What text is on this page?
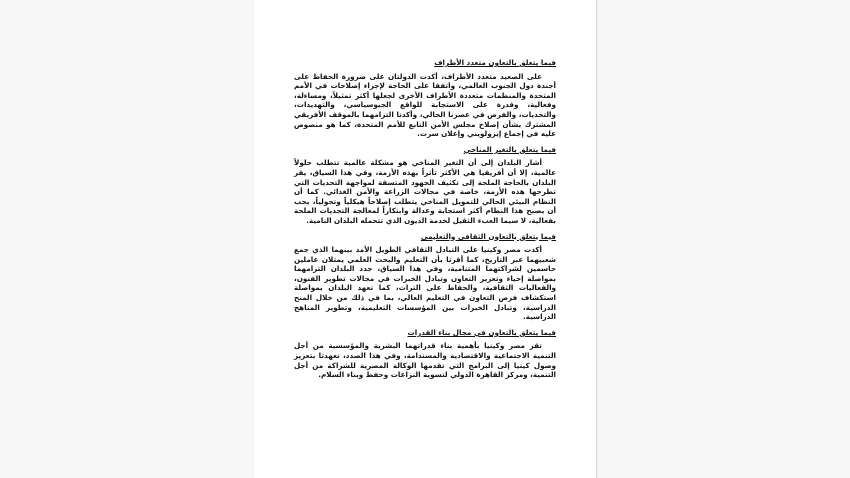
فيما يتعلق بالتعاون متعدد الأطراف

على الصعيد متعدد الأطراف، أكدت الدولتان على ضرورة الحفاظ على أجندة دول الجنوب العالمي، واتفقا على الحاجة لإجراء إصلاحات في الأمم المتحدة والمنظمات متعددة الأطراف الأخرى لجعلها أكثر تمثيلاً، ومساءلة، وفعالية، وقدرة على الاستجابة للواقع الجيوسياسي، والتهديدات، والتحديات، والفرص في عصرنا الحالي، وأكدتا التزامهما بالموقف الأفريقي المشترك بشأن إصلاح مجلس الأمن التابع للأمم المتحدة، كما هو منصوص عليه في إجماع إيزولويني وإعلان سرت.

فيما يتعلق بالتغير المناخي

أشار البلدان إلى أن التغير المناخي هو مشكلة عالمية تتطلب حلولاً عالمية، إلا أن أفريقيا هي الأكثر تأثراً بهذه الأزمة، وفي هذا السياق، يقر البلدان بالحاجة الملحة إلى تكثيف الجهود المتسقة لمواجهة التحديات التي تطرحها هذه الأزمة، خاصة في مجالات الزراعة والأمن الغذائي. كما أن النظام البيئي الحالي للتمويل المناخي يتطلب إصلاحاً هيكلياً وتحولياً، يجب أن يصبح هذا النظام أكثر استجابة وعدالة وابتكاراً لمعالجة التحديات الملحة بفعالية، لا سيما العبء الثقيل لخدمة الديون الذي تتحمله البلدان النامية.

فيما يتعلق بالتعاون الثقافي والتعليمي

أكدت مصر وكينيا على التبادل الثقافي الطويل الأمد بينهما الذي جمع شعبيهما عبر التاريخ، كما أقرتا بأن التعليم والبحث العلمي يمثلان عاملين حاسمين لشراكتهما المتنامية، وفي هذا السياق، جدد البلدان التزامهما بمواصلة إحياء وتعزيز التعاون وتبادل الخبرات في مجالات تطوير الفنون، والفعاليات الثقافية، والحفاظ على التراث، كما تعهد البلدان بمواصلة استكشاف فرص التعاون في التعليم العالي، بما في ذلك من خلال المنح الدراسية، وتبادل الخبرات بين المؤسسات التعليمية، وتطوير المناهج الدراسية.

فيما يتعلق بالتعاون في مجال بناء القدرات

تقر مصر وكينيا بأهمية بناء قدراتهما البشرية والمؤسسية من أجل التنمية الاجتماعية والاقتصادية والمستدامة، وفي هذا الصدد، تعهدتا بتعزيز وصول كينيا إلى البرامج التي تقدمها الوكالة المصرية للشراكة من أجل التنمية، ومركز القاهرة الدولي لتسوية النزاعات وحفظ وبناء السلام.
